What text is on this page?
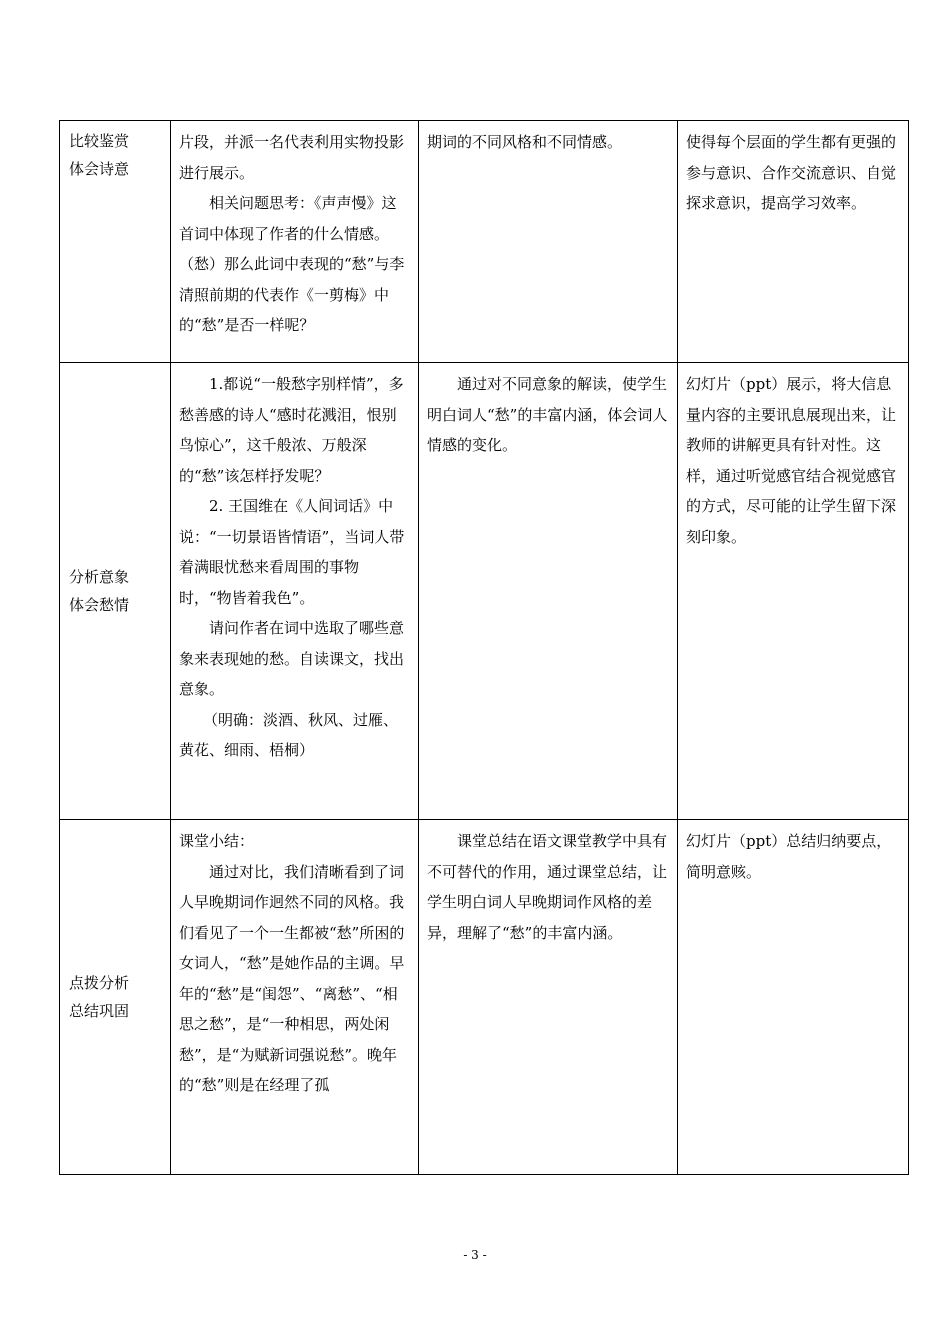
比较鉴赏
体会诗意	片段，并派一名代表利用实物投影进行展示。
相关问题思考：《声声慢》这首词中体现了作者的什么情感。（愁）那么此词中表现的“愁”与李清照前期的代表作《一剪梅》中的“愁”是否一样呢？	期词的不同风格和不同情感。	使得每个层面的学生都有更强的参与意识、合作交流意识、自觉探求意识，提高学习效率。

分析意象
体会愁情	1.都说“一般愁字别样情”，多愁善感的诗人“感时花溅泪，恨别鸟惊心”，这千般浓、万般深的“愁”该怎样抒发呢？
2. 王国维在《人间词话》中说：“一切景语皆情语”，当词人带着满眼忧愁来看周围的事物时，“物皆着我色”。
请问作者在词中选取了哪些意象来表现她的愁。自读课文，找出意象。
（明确：淡酒、秋风、过雁、黄花、细雨、梧桐）	通过对不同意象的解读，使学生明白词人“愁”的丰富内涵，体会词人情感的变化。	幻灯片（ppt）展示，将大信息量内容的主要讯息展现出来，让教师的讲解更具有针对性。这样，通过听觉感官结合视觉感官的方式，尽可能的让学生留下深刻印象。

点拨分析
总结巩固	课堂小结：
通过对比，我们清晰看到了词人早晚期词作迥然不同的风格。我们看见了一个一生都被“愁”所困的女词人，“愁”是她作品的主调。早年的“愁”是“闺怨”、“离愁”、“相思之愁”，是“一种相思，两处闲愁”，是“为赋新词强说愁”。晚年的“愁”则是在经理了孤	课堂总结在语文课堂教学中具有不可替代的作用，通过课堂总结，让学生明白词人早晚期词作风格的差异，理解了“愁”的丰富内涵。	幻灯片（ppt）总结归纳要点，简明意赅。
- 3 -
